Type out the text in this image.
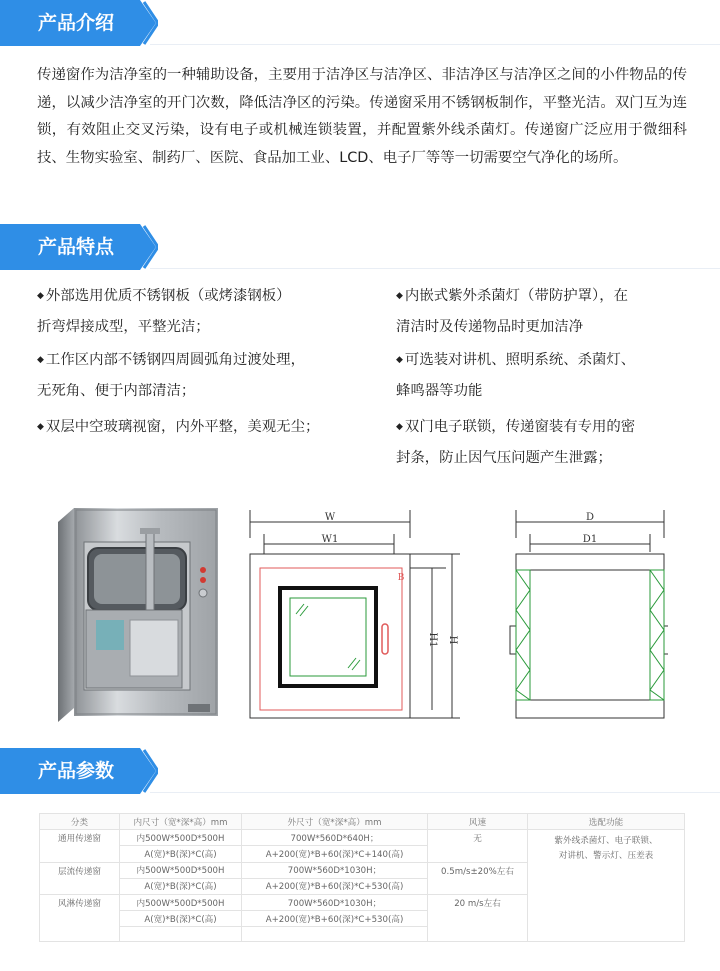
产品介绍

传递窗作为洁净室的一种辅助设备，主要用于洁净区与洁净区、非洁净区与洁净区之间的小件物品的传递，以减少洁净室的开门次数，降低洁净区的污染。传递窗采用不锈钢板制作，平整光洁。双门互为连锁，有效阻止交叉污染，设有电子或机械连锁装置，并配置紫外线杀菌灯。传递窗广泛应用于微细科技、生物实验室、制药厂、医院、食品加工业、LCD、电子厂等等一切需要空气净化的场所。

产品特点
◆ 外部选用优质不锈钢板（或烤漆钢板）
折弯焊接成型，平整光洁；
◆ 工作区内部不锈钢四周圆弧角过渡处理，
无死角、便于内部清洁；
◆ 双层中空玻璃视窗，内外平整，美观无尘；
◆ 内嵌式紫外杀菌灯（带防护罩），在
清洁时及传递物品时更加洁净
◆ 可选装对讲机、照明系统、杀菌灯、
蜂鸣器等功能
◆ 双门电子联锁，传递窗装有专用的密
封条，防止因气压问题产生泄露；
W
W1
B
H1 H
D
D1
产品参数
分类	内尺寸（宽*深*高）mm	外尺寸（宽*深*高）mm	风速	选配功能
通用传递窗	内500W*500D*500H	700W*560D*640H；	无	紫外线杀菌灯、电子联锁、
对讲机、警示灯、压差表

	A(宽)*B(深)*C(高)	A+200(宽)*B+60(深)*C+140(高)		
层流传递窗	内500W*500D*500H	700W*560D*1030H；	0.5m/s±20%左右	
	A(宽)*B(深)*C(高)	A+200(宽)*B+60(深)*C+530(高)		
风淋传递窗	内500W*500D*500H	700W*560D*1030H；	20 m/s左右	
	A(宽)*B(深)*C(高)	A+200(宽)*B+60(深)*C+530(高)		
